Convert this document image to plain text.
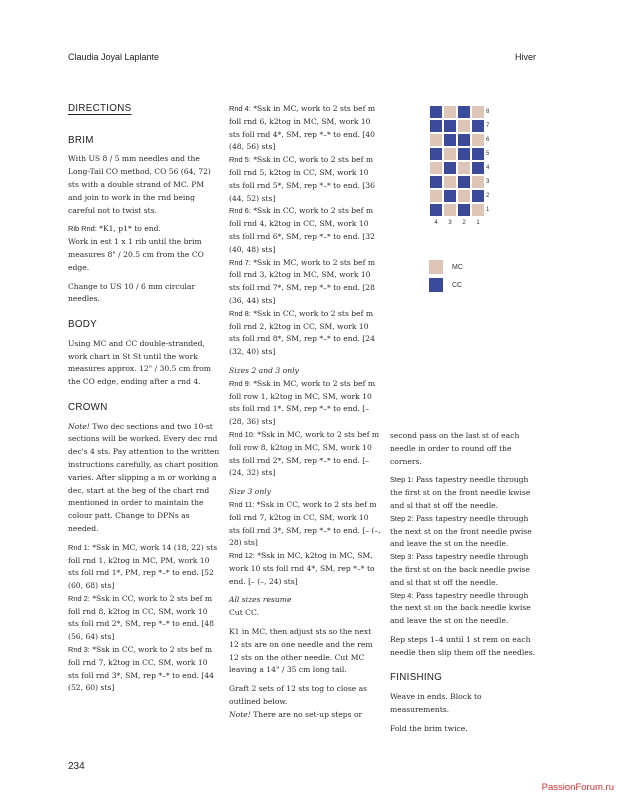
Claudia Joyal Laplante	Hiver

DIRECTIONS

BRIM

With US 8 / 5 mm needles and the Long-Tail CO method, CO 56 (64, 72) sts with a double strand of MC. PM and join to work in the rnd being careful not to twist sts.

Rib Rnd: *K1, p1* to end.

Work in est 1 x 1 rib until the brim measures 8" / 20.5 cm from the CO edge.

Change to US 10 / 6 mm circular needles.

BODY

Using MC and CC double-stranded, work chart in St St until the work measures approx. 12" / 30.5 cm from the CO edge, ending after a rnd 4.

CROWN

Note! Two dec sections and two 10-st sections will be worked. Every dec rnd dec's 4 sts. Pay attention to the written instructions carefully, as chart position varies. After slipping a m or working a dec, start at the beg of the chart rnd mentioned in order to maintain the colour patt. Change to DPNs as needed.

Rnd 1: *Ssk in MC, work 14 (18, 22) sts foll rnd 1, k2tog in MC, PM, work 10 sts foll rnd 1*, PM, rep *–* to end. [52 (60, 68) sts]

Rnd 2: *Ssk in CC, work to 2 sts bef m foll rnd 8, k2tog in CC, SM, work 10 sts foll rnd 2*, SM, rep *–* to end. [48 (56, 64) sts]

Rnd 3: *Ssk in CC, work to 2 sts bef m foll rnd 7, k2tog in CC, SM, work 10 sts foll rnd 3*, SM, rep *–* to end. [44 (52, 60) sts]

Rnd 4: *Ssk in MC, work to 2 sts bef m foll rnd 6, k2tog in MC, SM, work 10 sts foll rnd 4*, SM, rep *–* to end. [40 (48, 56) sts]

Rnd 5: *Ssk in CC, work to 2 sts bef m foll rnd 5, k2tog in CC, SM, work 10 sts foll rnd 5*, SM, rep *–* to end. [36 (44, 52) sts]

Rnd 6: *Ssk in CC, work to 2 sts bef m foll rnd 4, k2tog in CC, SM, work 10 sts foll rnd 6*, SM, rep *–* to end. [32 (40, 48) sts]

Rnd 7: *Ssk in MC, work to 2 sts bef m foll rnd 3, k2tog in MC, SM, work 10 sts foll rnd 7*, SM, rep *–* to end. [28 (36, 44) sts]

Rnd 8: *Ssk in CC, work to 2 sts bef m foll rnd 2, k2tog in CC, SM, work 10 sts foll rnd 8*, SM, rep *–* to end. [24 (32, 40) sts]

Sizes 2 and 3 only

Rnd 9: *Ssk in MC, work to 2 sts bef m foll row 1, k2tog in MC, SM, work 10 sts foll rnd 1*. SM, rep *–* to end. [– (28, 36) sts]

Rnd 10: *Ssk in MC, work to 2 sts bef m foll row 8, k2tog in MC, SM, work 10 sts foll rnd 2*, SM, rep *–* to end. [– (24, 32) sts]

Size 3 only

Rnd 11: *Ssk in CC, work to 2 sts bef m foll rnd 7, k2tog in CC, SM, work 10 sts foll rnd 3*, SM, rep *–* to end. [– (–, 28) sts]

Rnd 12: *Ssk in MC, k2tog in MC, SM, work 10 sts foll rnd 4*, SM, rep *–* to end. [– (–, 24) sts]

All sizes resume

Cut CC.

K1 in MC, then adjust sts so the next 12 sts are on one needle and the rem 12 sts on the other needle. Cut MC leaving a 14" / 35 cm long tail.

Graft 2 sets of 12 sts tog to close as outlined below.

Note! There are no set-up steps or

second pass on the last st of each needle in order to round off the corners.

Step 1: Pass tapestry needle through the first st on the front needle kwise and sl that st off the needle.

Step 2: Pass tapestry needle through the next st on the front needle pwise and leave the st on the needle.

Step 3: Pass tapestry needle through the first st on the back needle pwise and sl that st off the needle.

Step 4: Pass tapestry needle through the next st on the back needle kwise and leave the st on the needle.

Rep steps 1–4 until 1 st rem on each needle then slip them off the needles.

FINISHING

Weave in ends. Block to measurements.

Fold the brim twice.

8
7
6
5
4
3
2
1
4	3	2	1
MC
CC
234
PassionForum.ru
